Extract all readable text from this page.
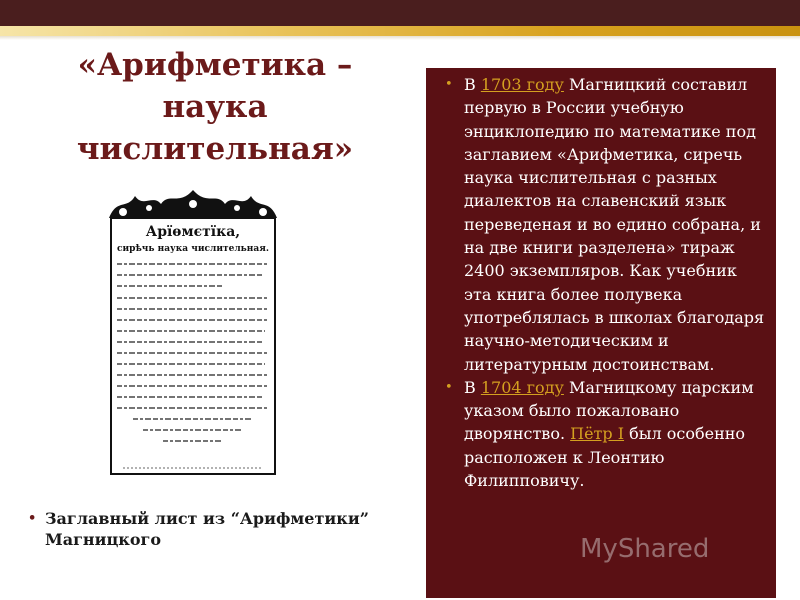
«Арифметика – наука числительная»
Арїѳмєтїка,
сирѣчь наука числительная.
• Заглавный лист из “Арифметики” Магницкого
• В 1703 году Магницкий составил первую в России учебную энциклопедию по математике под заглавием «Арифметика, сиречь наука числительная с разных диалектов на славенский язык переведеная и во едино собрана, и на две книги разделена» тираж 2400 экземпляров. Как учебник эта книга более полувека употреблялась в школах благодаря научно-методическим и литературным достоинствам.
• В 1704 году Магницкому царским указом было пожаловано дворянство. Пётр I был особенно расположен к Леонтию Филипповичу.
MyShared
